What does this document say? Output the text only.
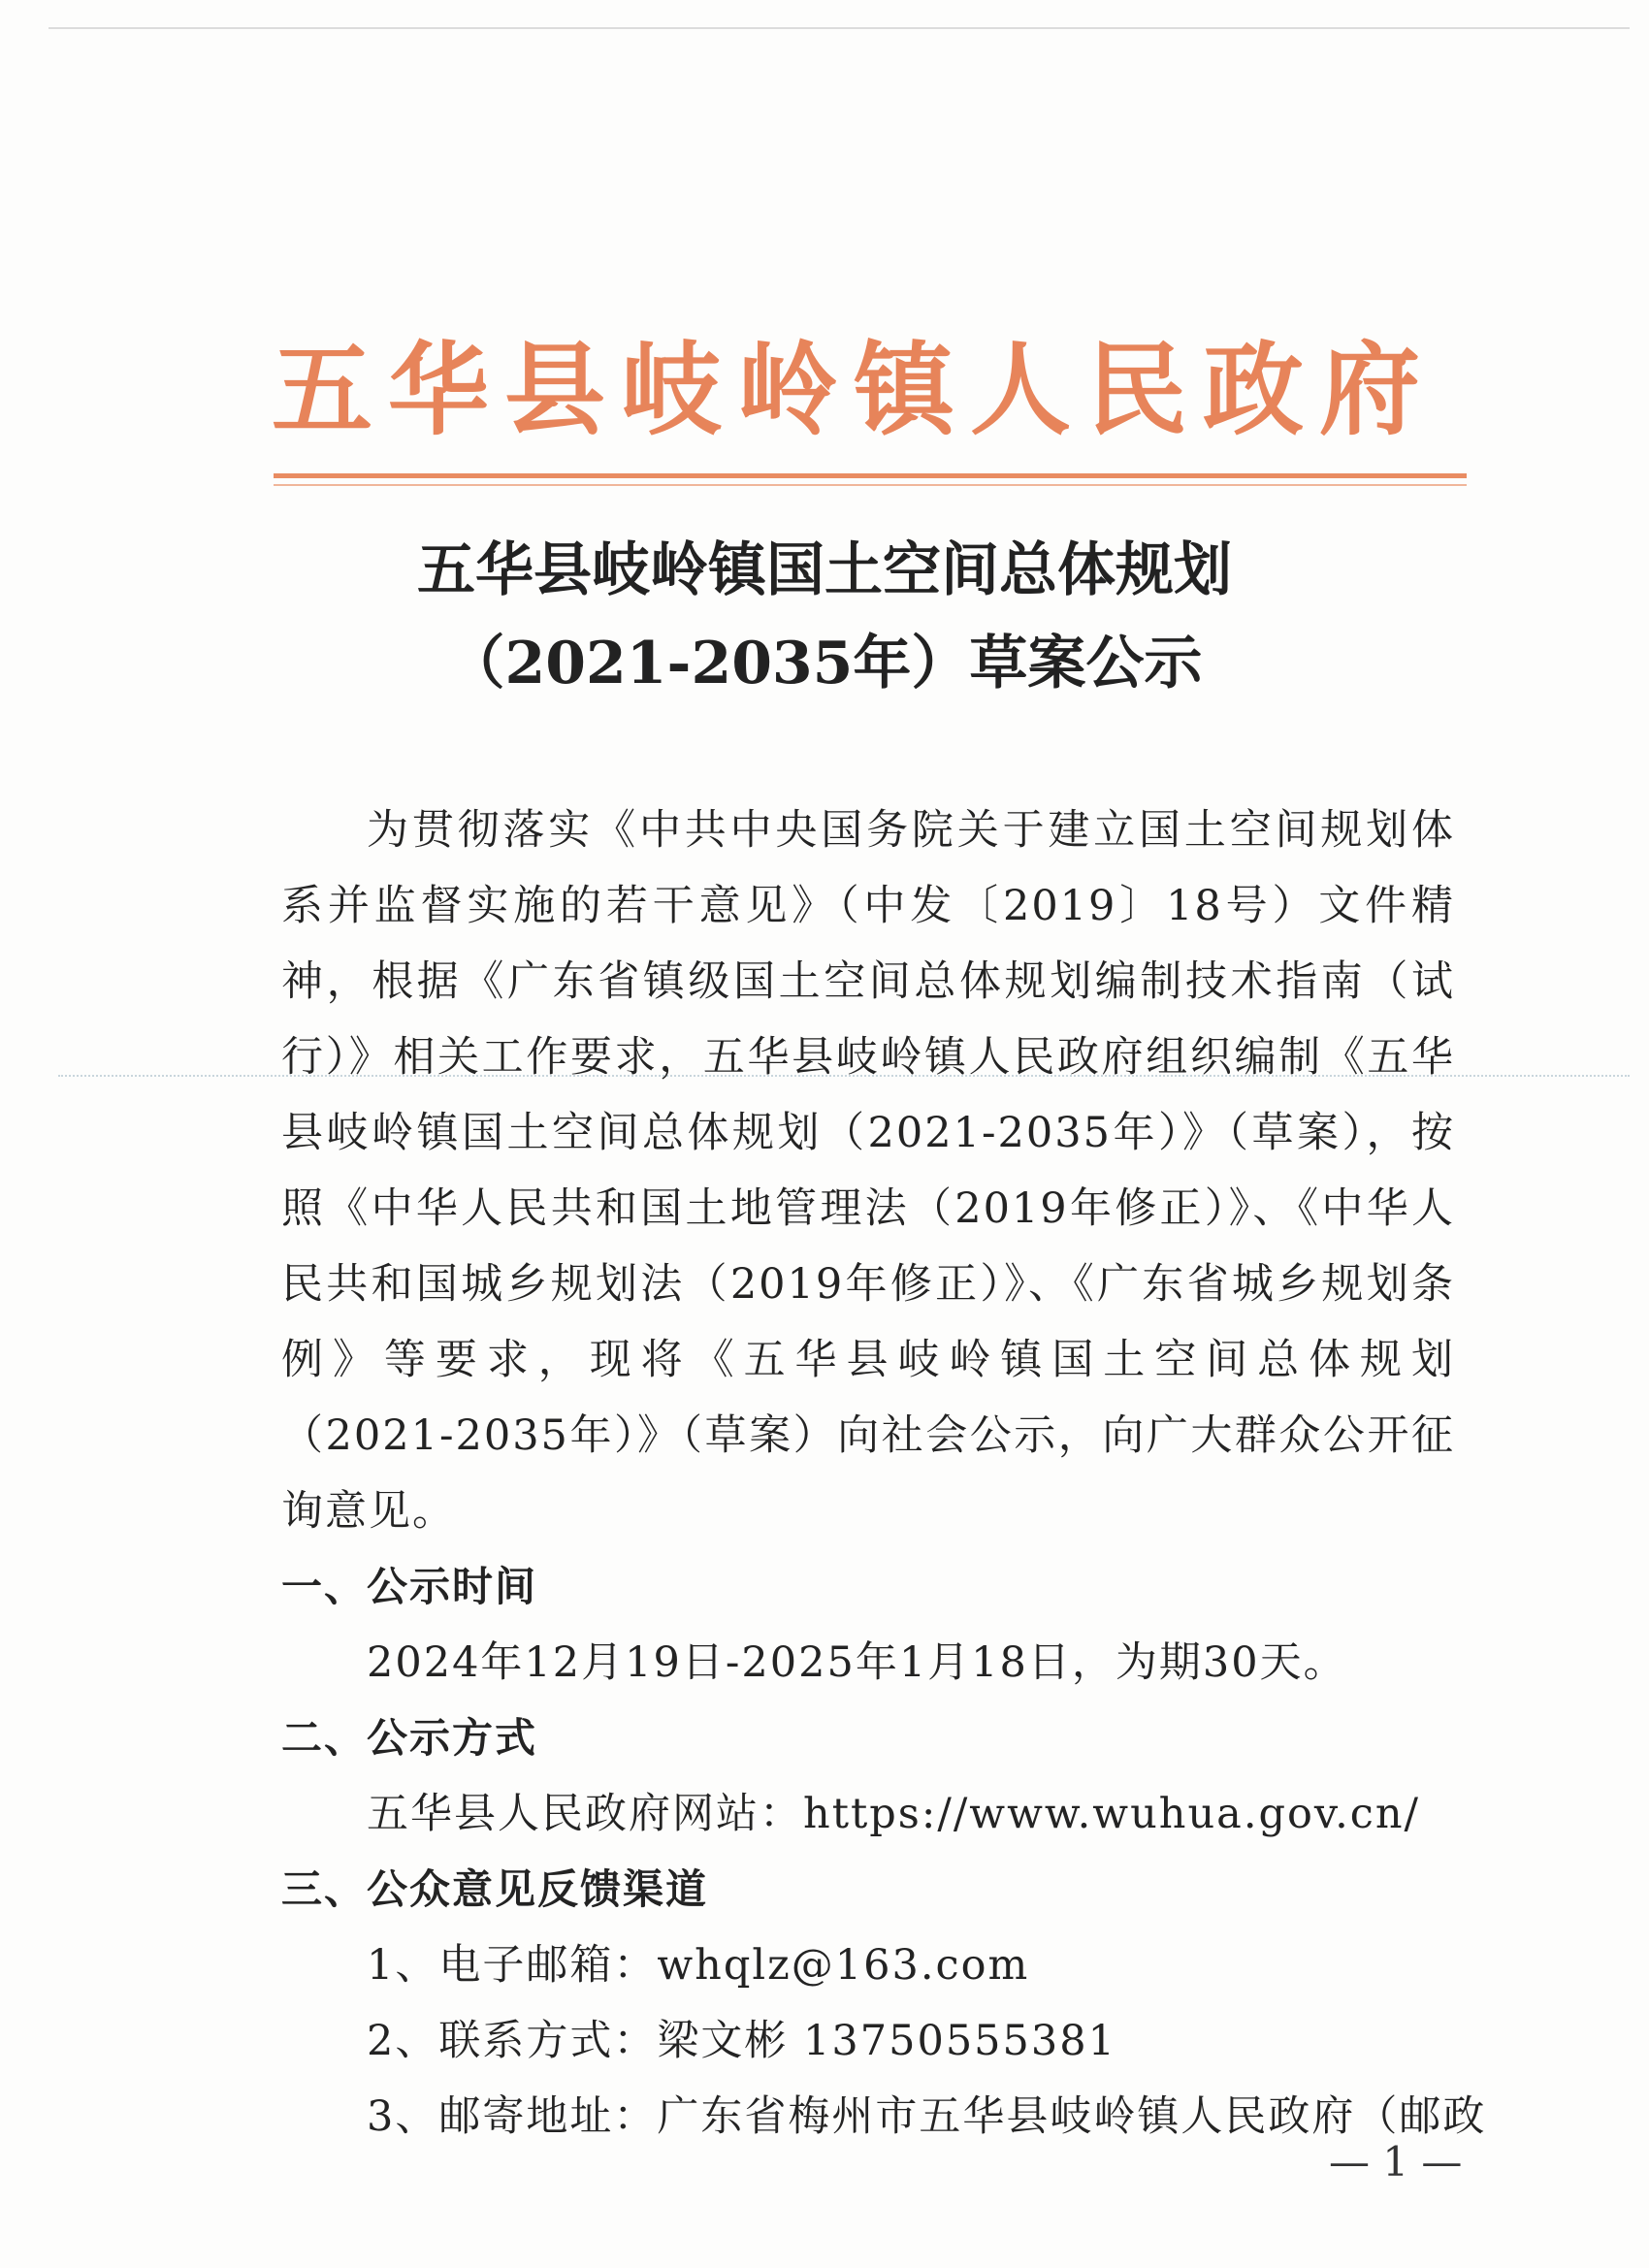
五华县岐岭镇人民政府
五华县岐岭镇国土空间总体规划
（2021-2035年）草案公示

为贯彻落实《中共中央国务院关于建立国土空间规划体系并监督实施的若干意见》（中发〔2019〕18号）文件精神，根据《广东省镇级国土空间总体规划编制技术指南（试行）》相关工作要求，五华县岐岭镇人民政府组织编制《五华县岐岭镇国土空间总体规划（2021-2035年）》（草案），按照《中华人民共和国土地管理法（2019年修正）》、《中华人民共和国城乡规划法（2019年修正）》、《广东省城乡规划条例》等要求，现将《五华县岐岭镇国土空间总体规划（2021-2035年）》（草案）向社会公示，向广大群众公开征询意见。

一、公示时间

2024年12月19日-2025年1月18日，为期30天。

二、公示方式

五华县人民政府网站：https://www.wuhua.gov.cn/

三、公众意见反馈渠道

1、电子邮箱：whqlz@163.com

2、联系方式：梁文彬 13750555381

3、邮寄地址：广东省梅州市五华县岐岭镇人民政府（邮政

— 1 —
